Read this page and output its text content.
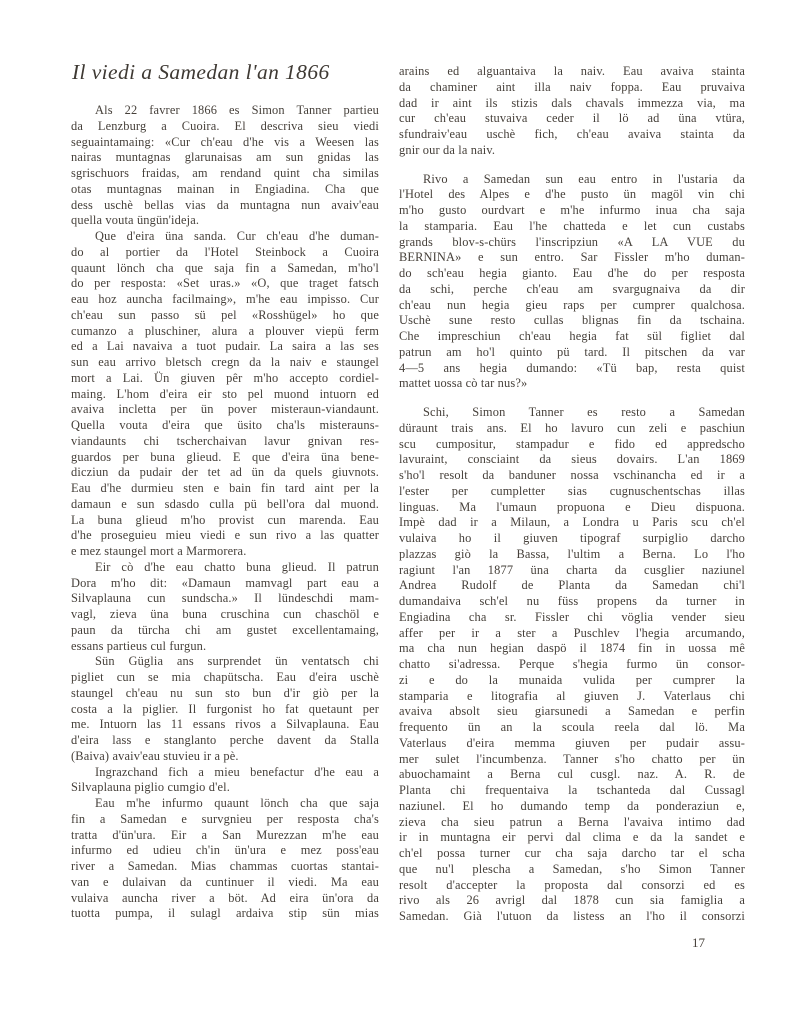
Il viedi a Samedan l'an 1866
Als 22 favrer 1866 es Simon Tanner partieu
da Lenzburg a Cuoira. El descriva sieu viedi
seguaintamaing: «Cur ch'eau d'he vis a Weesen las
nairas muntagnas glarunaisas am sun gnidas las
sgrischuors fraidas, am rendand quint cha similas
otas muntagnas mainan in Engiadina. Cha que
dess uschè bellas vias da muntagna nun avaiv'eau
quella vouta üngün'ideja.
Que d'eira üna sanda. Cur ch'eau d'he duman-
do al portier da l'Hotel Steinbock a Cuoira
quaunt lönch cha que saja fin a Samedan, m'ho'l
do per resposta: «Set uras.» «O, que traget fatsch
eau hoz auncha facilmaing», m'he eau impisso. Cur
ch'eau sun passo sü pel «Rosshügel» ho que
cumanzo a pluschiner, alura a plouver viepü ferm
ed a Lai navaiva a tuot pudair. La saira a las ses
sun eau arrivo bletsch cregn da la naiv e staungel
mort a Lai. Ün giuven pêr m'ho accepto cordiel-
maing. L'hom d'eira eir sto pel muond intuorn ed
avaiva incletta per ün pover misteraun-viandaunt.
Quella vouta d'eira que üsito cha'ls misterauns-
viandaunts chi tscherchaivan lavur gnivan res-
guardos per buna glieud. E que d'eira üna bene-
dicziun da pudair der tet ad ün da quels giuvnots.
Eau d'he durmieu sten e bain fin tard aint per la
damaun e sun sdasdo culla pü bell'ora dal muond.
La buna glieud m'ho provist cun marenda. Eau
d'he proseguieu mieu viedi e sun rivo a las quatter
e mez staungel mort a Marmorera.
Eir cò d'he eau chatto buna glieud. Il patrun
Dora m'ho dit: «Damaun mamvagl part eau a
Silvaplauna cun sundscha.» Il lündeschdi mam-
vagl, zieva üna buna cruschina cun chaschöl e
paun da türcha chi am gustet excellentamaing,
essans partieus cul furgun.
Sün Güglia ans surprendet ün ventatsch chi
pigliet cun se mia chapütscha. Eau d'eira uschè
staungel ch'eau nu sun sto bun d'ir giò per la
costa a la piglier. Il furgonist ho fat quetaunt per
me. Intuorn las 11 essans rivos a Silvaplauna. Eau
d'eira lass e stanglanto perche davent da Stalla
(Baiva) avaiv'eau stuvieu ir a pè.
Ingrazchand fich a mieu benefactur d'he eau a
Silvaplauna piglio cumgio d'el.
Eau m'he infurmo quaunt lönch cha que saja
fin a Samedan e survgnieu per resposta cha's
tratta d'ün'ura. Eir a San Murezzan m'he eau
infurmo ed udieu ch'in ün'ura e mez poss'eau
river a Samedan. Mias chammas cuortas stantai-
van e dulaivan da cuntinuer il viedi. Ma eau
vulaiva auncha river a böt. Ad eira ün'ora da
tuotta pumpa, il sulagl ardaiva stip sün mias
arains ed alguantaiva la naiv. Eau avaiva stainta
da chaminer aint illa naiv foppa. Eau pruvaiva
dad ir aint ils stizis dals chavals immezza via, ma
cur ch'eau stuvaiva ceder il lö ad üna vtüra,
sfundraiv'eau uschè fich, ch'eau avaiva stainta da
gnir our da la naiv.
Rivo a Samedan sun eau entro in l'ustaria da
l'Hotel des Alpes e d'he pusto ün magöl vin chi
m'ho gusto ourdvart e m'he infurmo inua cha saja
la stamparia. Eau l'he chatteda e let cun custabs
grands blov-s-chürs l'inscripziun «A LA VUE du
BERNINA» e sun entro. Sar Fissler m'ho duman-
do sch'eau hegia gianto. Eau d'he do per resposta
da schi, perche ch'eau am svargugnaiva da dir
ch'eau nun hegia gieu raps per cumprer qualchosa.
Uschè sune resto cullas blignas fin da tschaina.
Che impreschiun ch'eau hegia fat sül figliet dal
patrun am ho'l quinto pü tard. Il pitschen da var
4—5 ans hegia dumando: «Tü bap, resta quist
mattet uossa cò tar nus?»
Schi, Simon Tanner es resto a Samedan
düraunt trais ans. El ho lavuro cun zeli e paschiun
scu cumpositur, stampadur e fido ed appredscho
lavuraint, consciaint da sieus dovairs. L'an 1869
s'ho'l resolt da banduner nossa vschinancha ed ir a
l'ester per cumpletter sias cugnuschentschas illas
linguas. Ma l'umaun propuona e Dieu dispuona.
Impè dad ir a Milaun, a Londra u Paris scu ch'el
vulaiva ho il giuven tipograf surpiglio darcho
plazzas giò la Bassa, l'ultim a Berna. Lo l'ho
ragiunt l'an 1877 üna charta da cusglier naziunel
Andrea Rudolf de Planta da Samedan chi'l
dumandaiva sch'el nu füss propens da turner in
Engiadina cha sr. Fissler chi vöglia vender sieu
affer per ir a ster a Puschlev l'hegia arcumando,
ma cha nun hegian daspö il 1874 fin in uossa mê
chatto si'adressa. Perque s'hegia furmo ün consor-
zi e do la munaida vulida per cumprer la
stamparia e litografia al giuven J. Vaterlaus chi
avaiva absolt sieu giarsunedi a Samedan e perfin
frequento ün an la scoula reela dal lö. Ma
Vaterlaus d'eira memma giuven per pudair assu-
mer sulet l'incumbenza. Tanner s'ho chatto per ün
abuochamaint a Berna cul cusgl. naz. A. R. de
Planta chi frequentaiva la tschanteda dal Cussagl
naziunel. El ho dumando temp da ponderaziun e,
zieva cha sieu patrun a Berna l'avaiva intimo dad
ir in muntagna eir pervi dal clima e da la sandet e
ch'el possa turner cur cha saja darcho tar el scha
que nu'l plescha a Samedan, s'ho Simon Tanner
resolt d'accepter la proposta dal consorzi ed es
rivo als 26 avrigl dal 1878 cun sia famiglia a
Samedan. Già l'utuon da listess an l'ho il consorzi
17
